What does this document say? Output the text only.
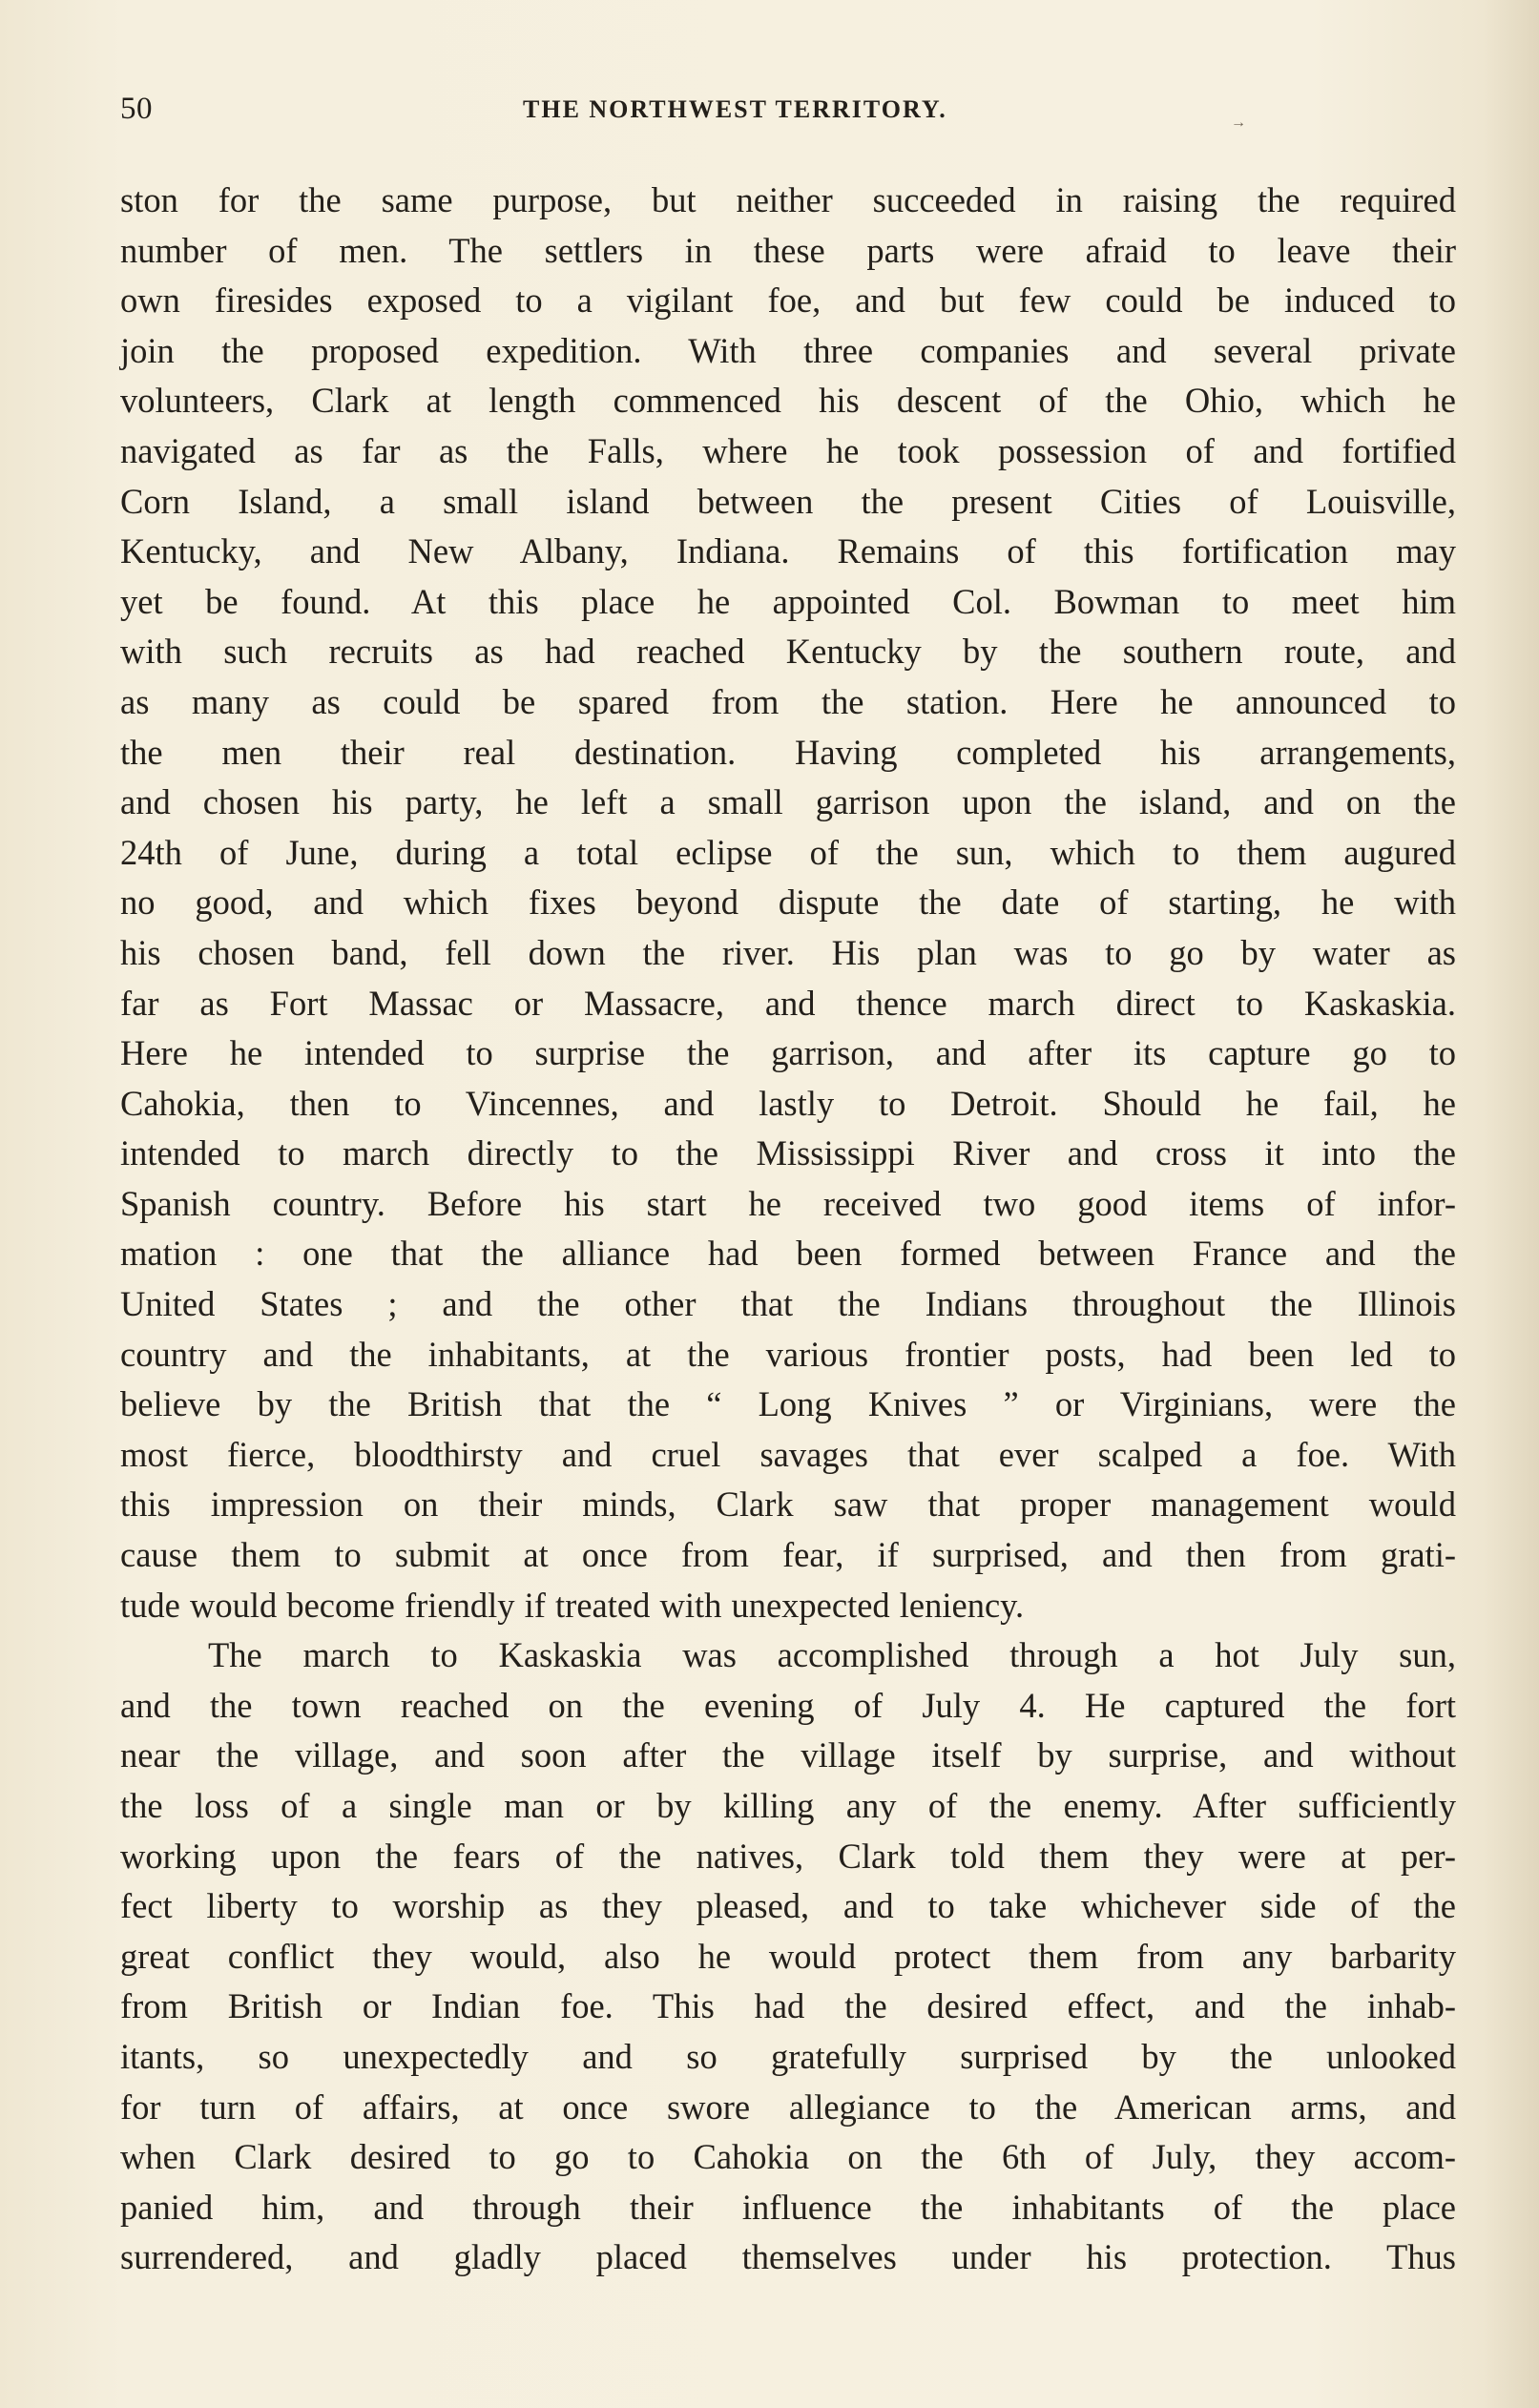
50	THE NORTHWEST TERRITORY.	→
ston for the same purpose, but neither succeeded in raising the required
number of men. The settlers in these parts were afraid to leave their
own firesides exposed to a vigilant foe, and but few could be induced to
join the proposed expedition. With three companies and several private
volunteers, Clark at length commenced his descent of the Ohio, which he
navigated as far as the Falls, where he took possession of and fortified
Corn Island, a small island between the present Cities of Louisville,
Kentucky, and New Albany, Indiana. Remains of this fortification may
yet be found. At this place he appointed Col. Bowman to meet him
with such recruits as had reached Kentucky by the southern route, and
as many as could be spared from the station. Here he announced to
the men their real destination. Having completed his arrangements,
and chosen his party, he left a small garrison upon the island, and on the
24th of June, during a total eclipse of the sun, which to them augured
no good, and which fixes beyond dispute the date of starting, he with
his chosen band, fell down the river. His plan was to go by water as
far as Fort Massac or Massacre, and thence march direct to Kaskaskia.
Here he intended to surprise the garrison, and after its capture go to
Cahokia, then to Vincennes, and lastly to Detroit. Should he fail, he
intended to march directly to the Mississippi River and cross it into the
Spanish country. Before his start he received two good items of infor-
mation : one that the alliance had been formed between France and the
United States ; and the other that the Indians throughout the Illinois
country and the inhabitants, at the various frontier posts, had been led to
believe by the British that the “ Long Knives ” or Virginians, were the
most fierce, bloodthirsty and cruel savages that ever scalped a foe. With
this impression on their minds, Clark saw that proper management would
cause them to submit at once from fear, if surprised, and then from grati-
tude would become friendly if treated with unexpected leniency.
The march to Kaskaskia was accomplished through a hot July sun,
and the town reached on the evening of July 4. He captured the fort
near the village, and soon after the village itself by surprise, and without
the loss of a single man or by killing any of the enemy. After sufficiently
working upon the fears of the natives, Clark told them they were at per-
fect liberty to worship as they pleased, and to take whichever side of the
great conflict they would, also he would protect them from any barbarity
from British or Indian foe. This had the desired effect, and the inhab-
itants, so unexpectedly and so gratefully surprised by the unlooked
for turn of affairs, at once swore allegiance to the American arms, and
when Clark desired to go to Cahokia on the 6th of July, they accom-
panied him, and through their influence the inhabitants of the place
surrendered, and gladly placed themselves under his protection. Thus
